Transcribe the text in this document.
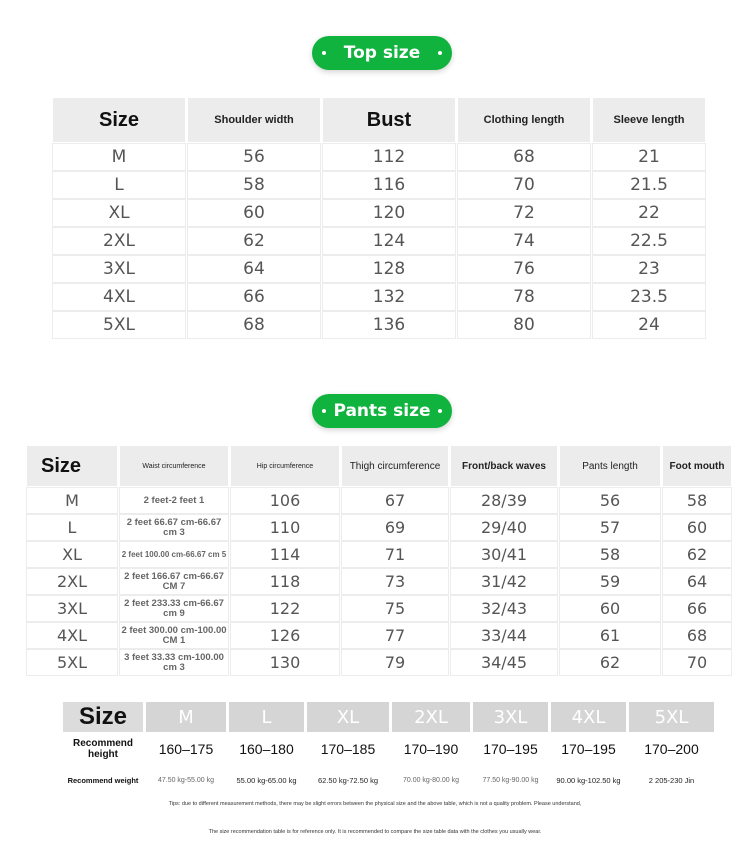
Top size
Size	Shoulder width	Bust	Clothing length	Sleeve length
M	56	112	68	21
L	58	116	70	21.5
XL	60	120	72	22
2XL	62	124	74	22.5
3XL	64	128	76	23
4XL	66	132	78	23.5
5XL	68	136	80	24
Pants size
Size	Waist circumference	Hip circumference	Thigh circumference	Front/back waves	Pants length	Foot mouth
M	2 feet-2 feet 1	106	67	28/39	56	58
L	2 feet 66.67 cm-66.67 cm 3	110	69	29/40	57	60
XL	2 feet 100.00 cm-66.67 cm 5	114	71	30/41	58	62
2XL	2 feet 166.67 cm-66.67 CM 7	118	73	31/42	59	64
3XL	2 feet 233.33 cm-66.67 cm 9	122	75	32/43	60	66
4XL	2 feet 300.00 cm-100.00 CM 1	126	77	33/44	61	68
5XL	3 feet 33.33 cm-100.00 cm 3	130	79	34/45	62	70
Size	M	L	XL	2XL	3XL	4XL	5XL
Recommend height	160–175	160–180	170–185	170–190	170–195	170–195	170–200
Recommend weight	47.50 kg-55.00 kg	55.00 kg-65.00 kg	62.50 kg-72.50 kg	70.00 kg-80.00 kg	77.50 kg-90.00 kg	90.00 kg-102.50 kg	2 205-230 Jin
Tips: due to different measurement methods, there may be slight errors between the physical size and the above table, which is not a quality problem. Please understand,
The size recommendation table is for reference only. It is recommended to compare the size table data with the clothes you usually wear.
